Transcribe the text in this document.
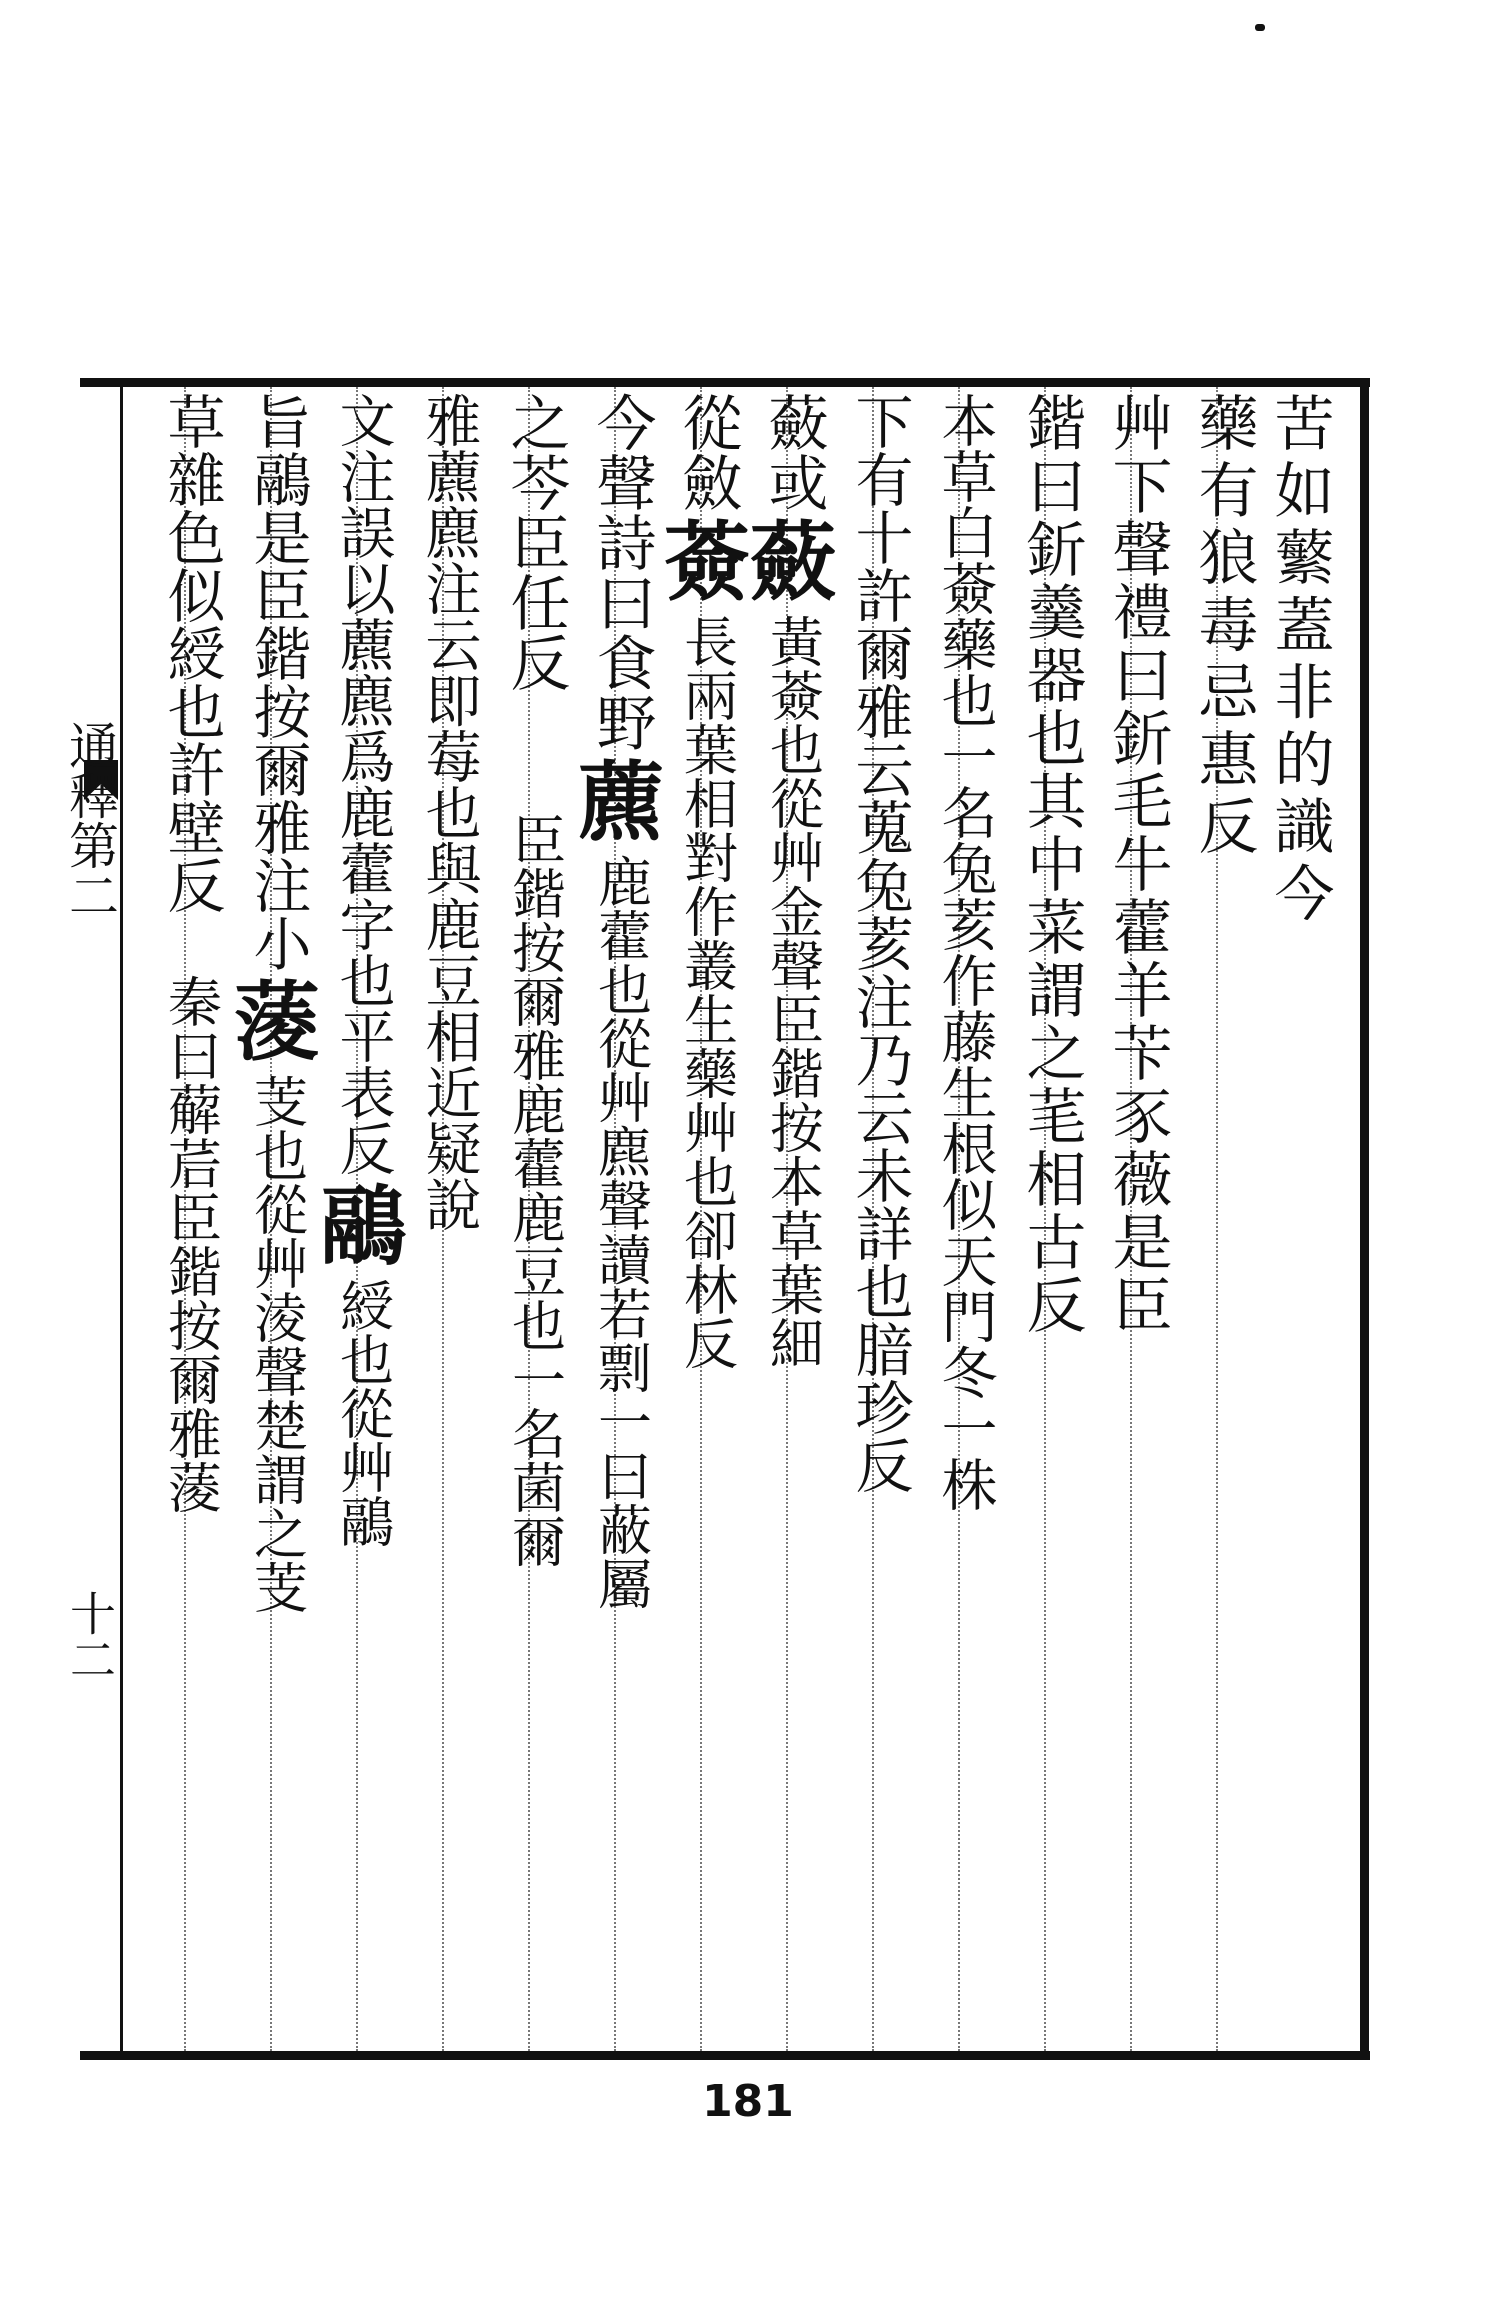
苦如蘩蓋非的識今
藥有狼毒忌惠反
艸下聲禮曰釿毛牛藿羊苄豕薇是臣
鍇曰釿羹器也其中菜謂之芼相古反
本草白薟藥也一名兔荄作藤生根似天門冬一株
下有十許爾雅云蒐兔荄注乃云未詳也腤珍反
蘞或
蘞
黃薟也從艸金聲臣鍇按本草葉細
從斂
薟
長兩葉相對作叢生藥艸也卻林反
今聲詩曰食野
藨
鹿藿也從艸麃聲讀若剽一曰蔽屬
之芩臣任反
臣鍇按爾雅鹿藿鹿豆也一名菌爾
雅藨麃注云即莓也與鹿豆相近疑說
文注誤以藨麃爲鹿藿字也平表反
鷊
綬也從艸鷊
旨鷊是臣鍇按爾雅注小
蔆
芰也從艸淩聲楚謂之芰
草雜色似綬也許壁反
秦曰薢茩臣鍇按爾雅蔆
通釋第二
十二
181
